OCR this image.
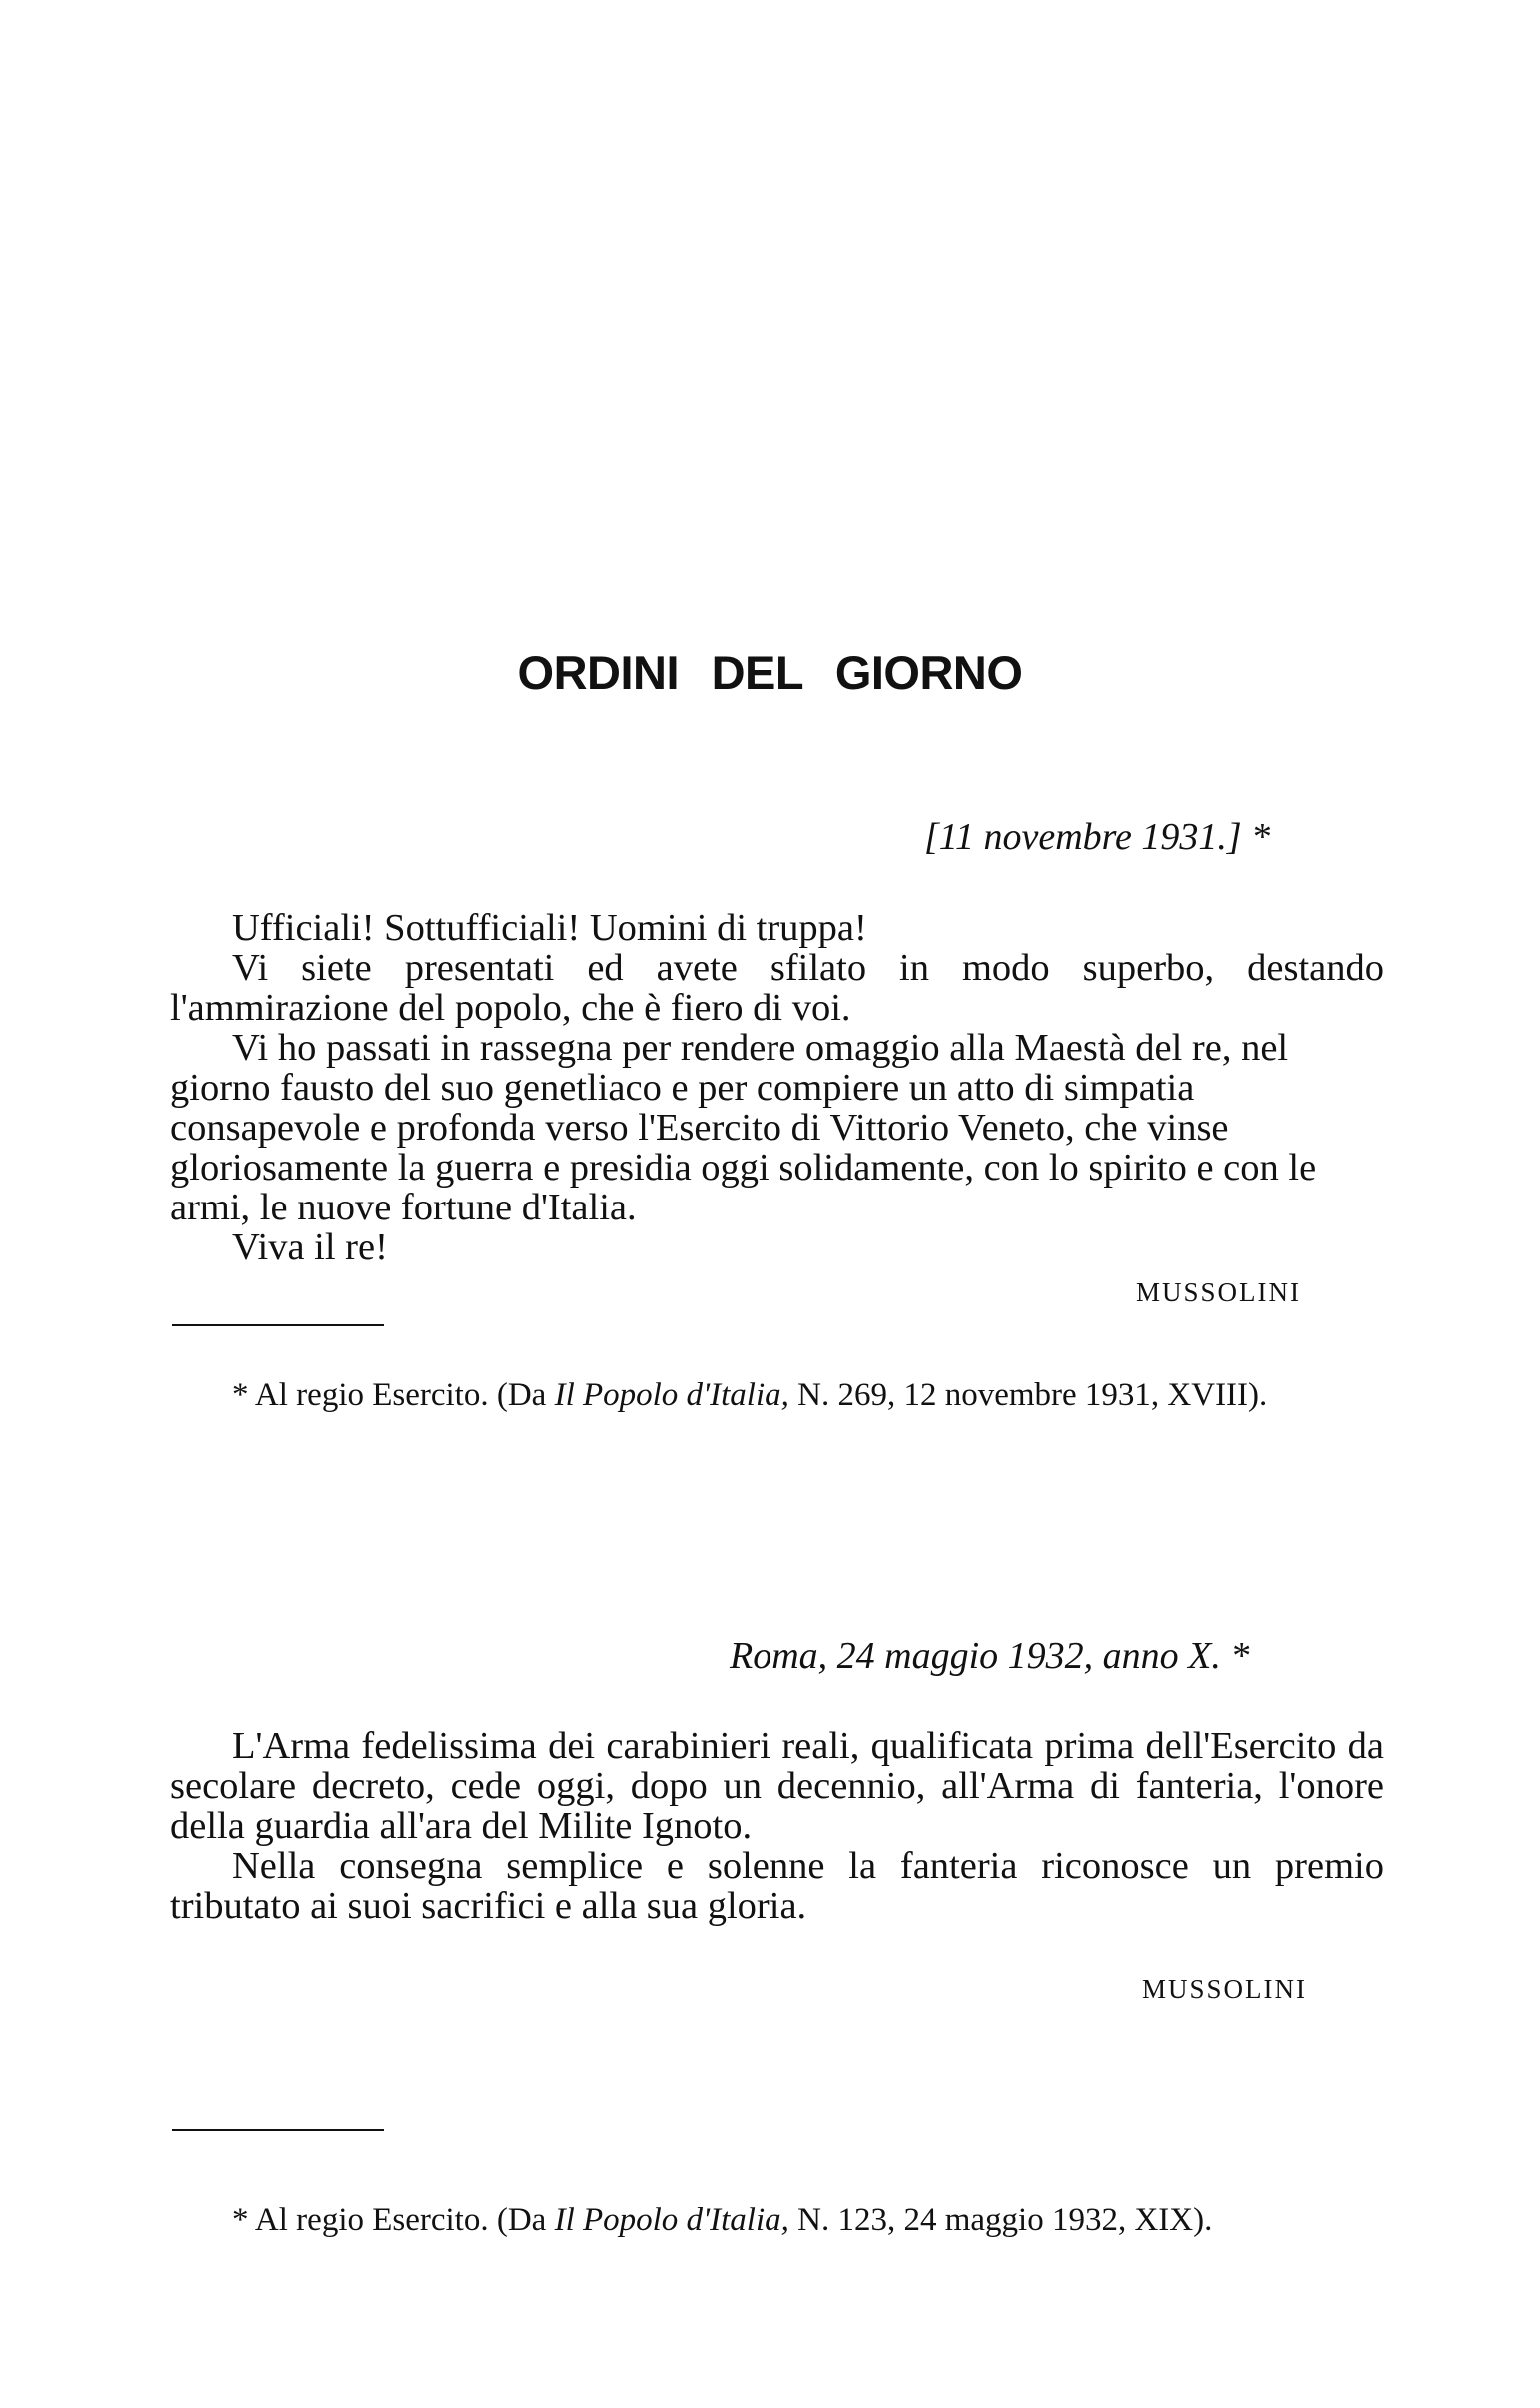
ORDINI DEL GIORNO
[11 novembre 1931.] *

Ufficiali! Sottufficiali! Uomini di truppa!

Vi siete presentati ed avete sfilato in modo superbo, destando l'ammirazione del popolo, che è fiero di voi.

Vi ho passati in rassegna per rendere omaggio alla Maestà del re, nel giorno fausto del suo genetliaco e per compiere un atto di simpatia consapevole e profonda verso l'Esercito di Vittorio Veneto, che vinse gloriosamente la guerra e presidia oggi solidamente, con lo spirito e con le armi, le nuove fortune d'Italia.

Viva il re!

MUSSOLINI
* Al regio Esercito. (Da Il Popolo d'Italia, N. 269, 12 novembre 1931, XVIII).
Roma, 24 maggio 1932, anno X. *

L'Arma fedelissima dei carabinieri reali, qualificata prima dell'Esercito da secolare decreto, cede oggi, dopo un decennio, all'Arma di fanteria, l'onore della guardia all'ara del Milite Ignoto.

Nella consegna semplice e solenne la fanteria riconosce un premio tributato ai suoi sacrifici e alla sua gloria.

MUSSOLINI
* Al regio Esercito. (Da Il Popolo d'Italia, N. 123, 24 maggio 1932, XIX).
